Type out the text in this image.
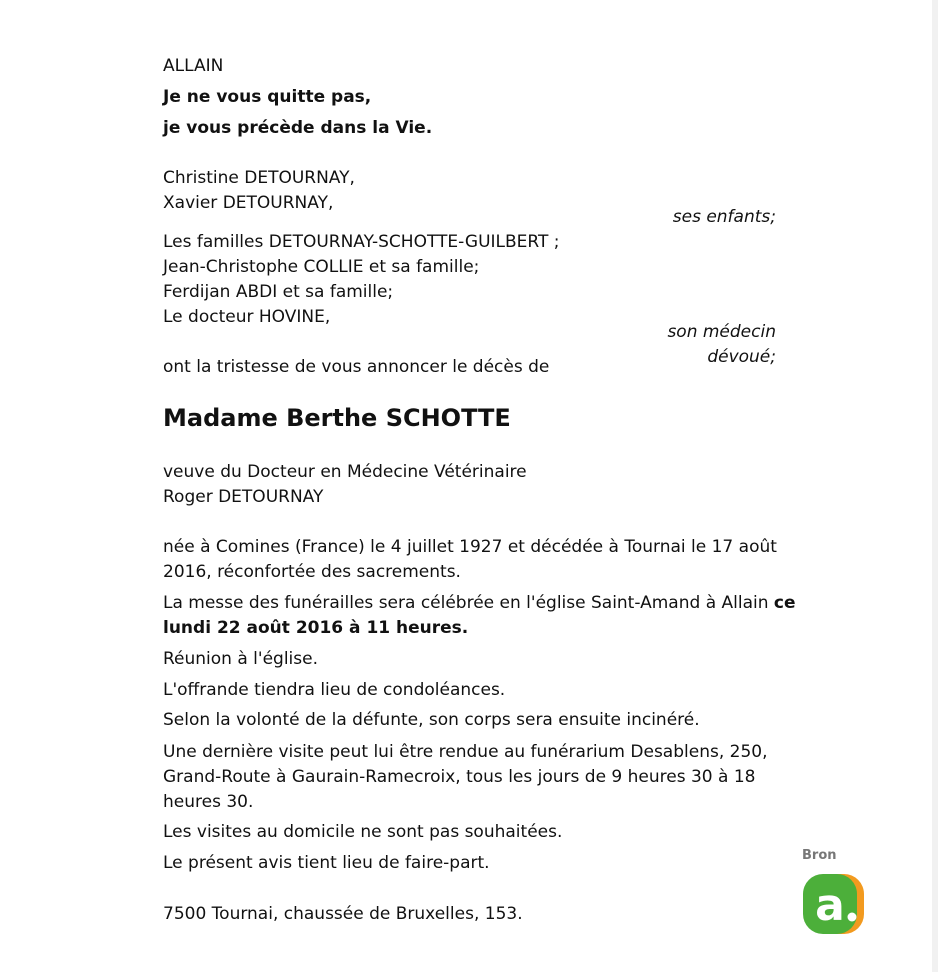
ALLAIN
Je ne vous quitte pas,
je vous précède dans la Vie.
Christine DETOURNAY,
Xavier DETOURNAY,
ses enfants;
Les familles DETOURNAY-SCHOTTE-GUILBERT ;
Jean-Christophe COLLIE et sa famille;
Ferdijan ABDI et sa famille;
Le docteur HOVINE,
son médecin
dévoué;
ont la tristesse de vous annoncer le décès de
Madame Berthe SCHOTTE
veuve du Docteur en Médecine Vétérinaire
Roger DETOURNAY
née à Comines (France) le 4 juillet 1927 et décédée à Tournai le 17 août
2016, réconfortée des sacrements.
La messe des funérailles sera célébrée en l'église Saint-Amand à Allain ce
lundi 22 août 2016 à 11 heures.
Réunion à l'église.
L'offrande tiendra lieu de condoléances.
Selon la volonté de la défunte, son corps sera ensuite incinéré.
Une dernière visite peut lui être rendue au funérarium Desablens, 250,
Grand-Route à Gaurain-Ramecroix, tous les jours de 9 heures 30 à 18
heures 30.
Les visites au domicile ne sont pas souhaitées.
Le présent avis tient lieu de faire-part.
7500 Tournai, chaussée de Bruxelles, 153.
Bron
a
